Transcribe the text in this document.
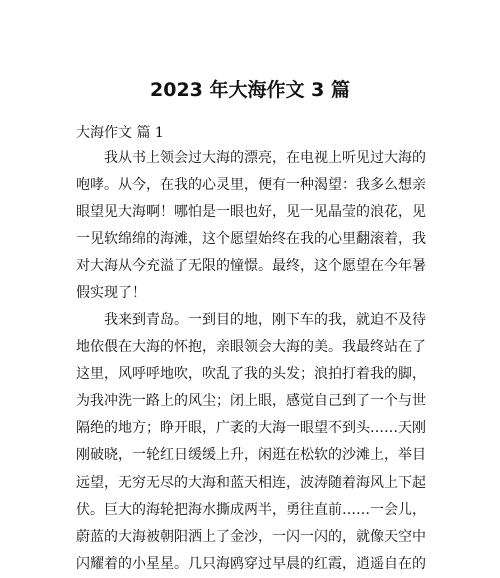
2023 年大海作文 3 篇
大海作文 篇 1
　　我从书上领会过大海的漂亮，在电视上听见过大海的
咆哮。从今，在我的心灵里，便有一种渴望：我多么想亲
眼望见大海啊！哪怕是一眼也好，见一见晶莹的浪花，见
一见软绵绵的海滩，这个愿望始终在我的心里翻滚着，我
对大海从今充溢了无限的憧憬。最终，这个愿望在今年暑
假实现了！
　　我来到青岛。一到目的地，刚下车的我，就迫不及待
地依偎在大海的怀抱，亲眼领会大海的美。我最终站在了
这里，风呼呼地吹，吹乱了我的头发；浪拍打着我的脚，
为我冲洗一路上的风尘；闭上眼，感觉自己到了一个与世
隔绝的地方；睁开眼，广袤的大海一眼望不到头……天刚
刚破晓，一轮红日缓缓上升，闲逛在松软的沙滩上，举目
远望，无穷无尽的大海和蓝天相连，波涛随着海风上下起
伏。巨大的海轮把海水撕成两半，勇往直前……一会儿，
蔚蓝的大海被朝阳洒上了金沙，一闪一闪的，就像天空中
闪耀着的小星星。几只海鸥穿过早晨的红霞，逍遥自在的
